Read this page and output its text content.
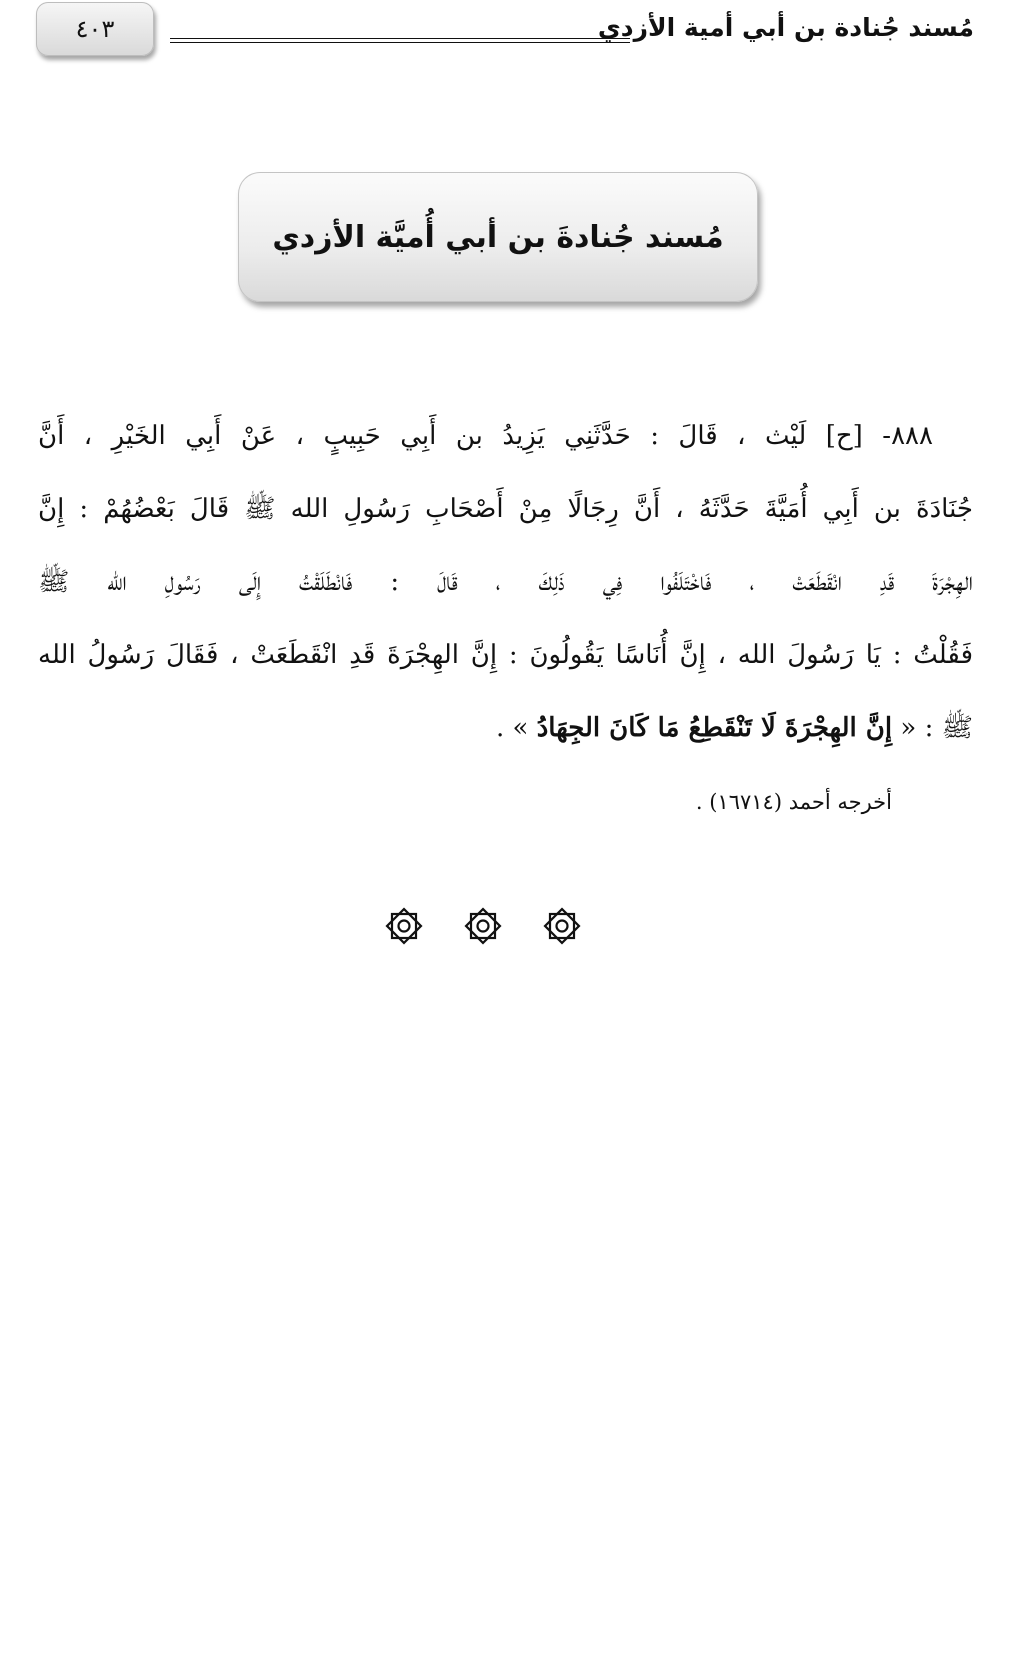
٤٠٣	مُسند جُنادة بن أبي أمية الأزدي
مُسند جُنادةَ بن أبي أُميَّة الأزدي
٨٨٨- [ح] لَيْث ، قَالَ : حَدَّثَنِي يَزِيدُ بن أَبِي حَبِيبٍ ، عَنْ أَبِي الخَيْرِ ، أَنَّ
جُنَادَةَ بن أَبِي أُمَيَّةَ حَدَّثَهُ ، أَنَّ رِجَالًا مِنْ أَصْحَابِ رَسُولِ الله ﷺ قَالَ بَعْضُهُمْ : إِنَّ
الهِجْرَةَ قَدِ انْقَطَعَتْ ، فَاخْتَلَفُوا فِي ذَلِكَ ، قَالَ : فَانْطَلَقْتُ إِلَى رَسُولِ الله ﷺ
فَقُلْتُ : يَا رَسُولَ الله ، إِنَّ أُنَاسًا يَقُولُونَ : إِنَّ الهِجْرَةَ قَدِ انْقَطَعَتْ ، فَقَالَ رَسُولُ الله
ﷺ : « إِنَّ الهِجْرَةَ لَا تَنْقَطِعُ مَا كَانَ الجِهَادُ » .
أخرجه أحمد (١٦٧١٤) .
